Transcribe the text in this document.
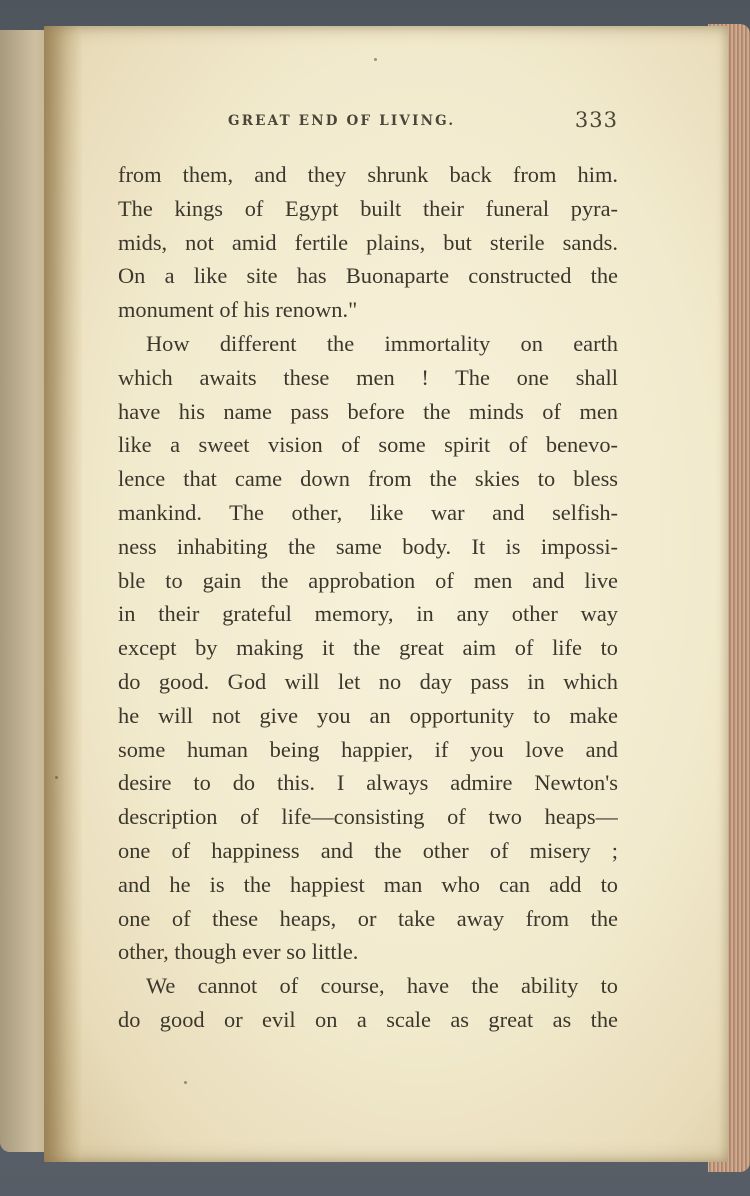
GREAT END OF LIVING.	333
from them, and they shrunk back from him.
The kings of Egypt built their funeral pyra-
mids, not amid fertile plains, but sterile sands.
On a like site has Buonaparte constructed the
monument of his renown."
How different the immortality on earth
which awaits these men ! The one shall
have his name pass before the minds of men
like a sweet vision of some spirit of benevo-
lence that came down from the skies to bless
mankind. The other, like war and selfish-
ness inhabiting the same body. It is impossi-
ble to gain the approbation of men and live
in their grateful memory, in any other way
except by making it the great aim of life to
do good. God will let no day pass in which
he will not give you an opportunity to make
some human being happier, if you love and
desire to do this. I always admire Newton's
description of life—consisting of two heaps—
one of happiness and the other of misery ;
and he is the happiest man who can add to
one of these heaps, or take away from the
other, though ever so little.
We cannot of course, have the ability to
do good or evil on a scale as great as the
